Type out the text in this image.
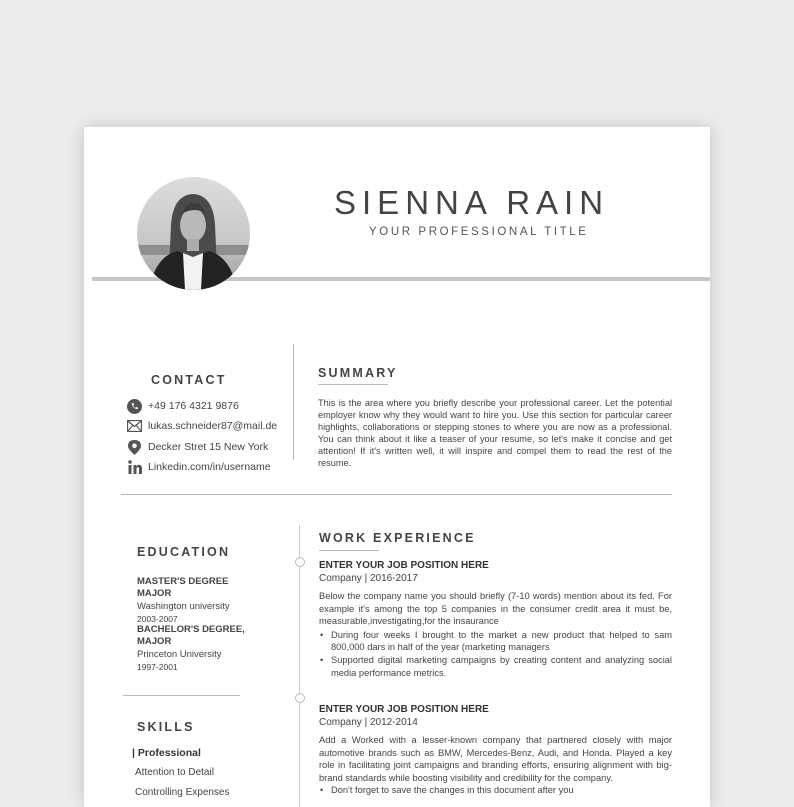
SIENNA RAIN
YOUR PROFESSIONAL TITLE
CONTACT
+49 176 4321 9876
lukas.schneider87@mail.de
Decker Stret 15 New York
Linkedin.com/in/username
SUMMARY
This is the area where you briefly describe your professional career. Let the potential employer know why they would want to hire you. Use this section for particular career highlights, collaborations or stepping stones to where you are now as a professional. You can think about it like a teaser of your resume, so let's make it concise and get attention! If it's written well, it will inspire and compel them to read the rest of the resume.
EDUCATION
MASTER'S DEGREE MAJOR
Washington university
2003-2007
BACHELOR'S DEGREE, MAJOR
Princeton University
1997-2001
SKILLS
| Professional
Attention to Detail
Controlling Expenses
WORK EXPERIENCE
ENTER YOUR JOB POSITION HERE
Company | 2016-2017
Below the company name you should briefly (7-10 words) mention about its fed. For example it's among the top 5 companies in the consumer credit area it must be, measurable,investigating,for the insaurance
• During four weeks I brought to the market a new product that helped to sam 800,000 dars in half of the year (marketing managers
• Supported digital marketing campaigns by creating content and analyzing social media performance metrics.
ENTER YOUR JOB POSITION HERE
Company | 2012-2014
Add a Worked with a lesser-known company that partnered closely with major automotive brands such as BMW, Mercedes-Benz, Audi, and Honda. Played a key role in facilitating joint campaigns and branding efforts, ensuring alignment with big-brand standards while boosting visibility and credibility for the company.
• Don't forget to save the changes in this document after you
